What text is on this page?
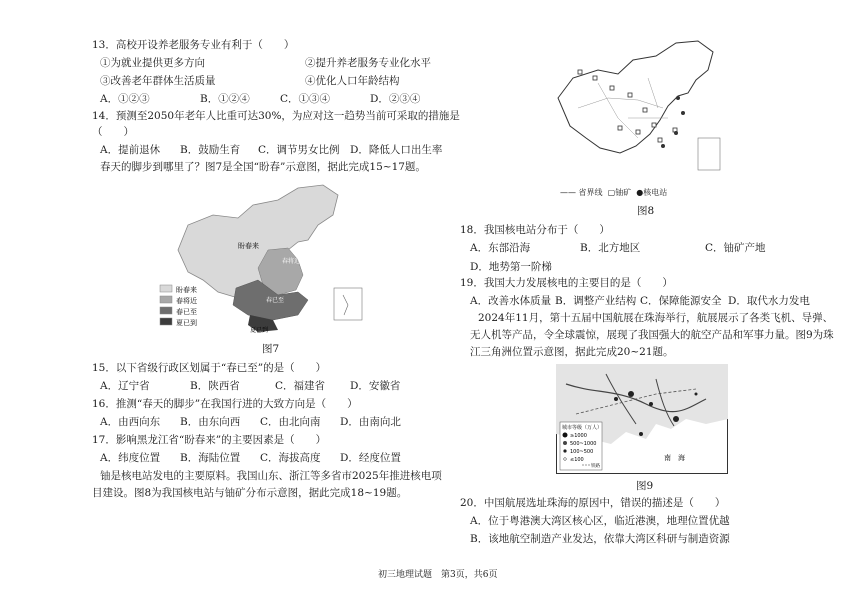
13．高校开设养老服务专业有利于（　　）
①为就业提供更多方向	②提升养老服务专业化水平
③改善老年群体生活质量	④优化人口年龄结构
A．①②③	B．①②④	C．①③④	D．②③④
14．预测至2050年老年人比重可达30%，为应对这一趋势当前可采取的措施是
（　　）
A．提前退休 B．鼓励生育 C．调节男女比例 D．降低人口出生率
春天的脚步到哪里了？图7是全国“盼春”示意图，据此完成15~17题。
盼春来
春将近
春已至
夏已到
盼春来
春将近
春已至
夏已到
图7
15．以下省级行政区划属于“春已至”的是（　　）
A．辽宁省	B．陕西省	C．福建省 D．安徽省
16．推测“春天的脚步”在我国行进的大致方向是（　　）
A．由西向东 B．由东向西 C．由北向南 D．由南向北
17．影响黑龙江省“盼春来”的主要因素是（　　）
A．纬度位置 B．海陆位置 C．海拔高度 D．经度位置
铀是核电站发电的主要原料。我国山东、浙江等多省市2025年推进核电项
目建设。图8为我国核电站与铀矿分布示意图，据此完成18~19题。
—— 省界线 ▢铀矿 ●核电站
图8
18．我国核电站分布于（　　）
A．东部沿海	B．北方地区	C．铀矿产地
D．地势第一阶梯
19．我国大力发展核电的主要目的是（　　）
A．改善水体质量 B．调整产业结构 C．保障能源安全 D．取代水力发电
2024年11月，第十五届中国航展在珠海举行，航展展示了各类飞机、导弹、
无人机等产品，令全球震惊，展现了我国强大的航空产品和军事力量。图9为珠
江三角洲位置示意图，据此完成20~21题。
南　海
城市等级（万人）
≥1000
500~1000
100~500
≤100
铁路
图9
20．中国航展选址珠海的原因中，错误的描述是（　　）
A．位于粤港澳大湾区核心区，临近港澳，地理位置优越
B．该地航空制造产业发达，依靠大湾区科研与制造资源
初三地理试题　第3页，共6页
